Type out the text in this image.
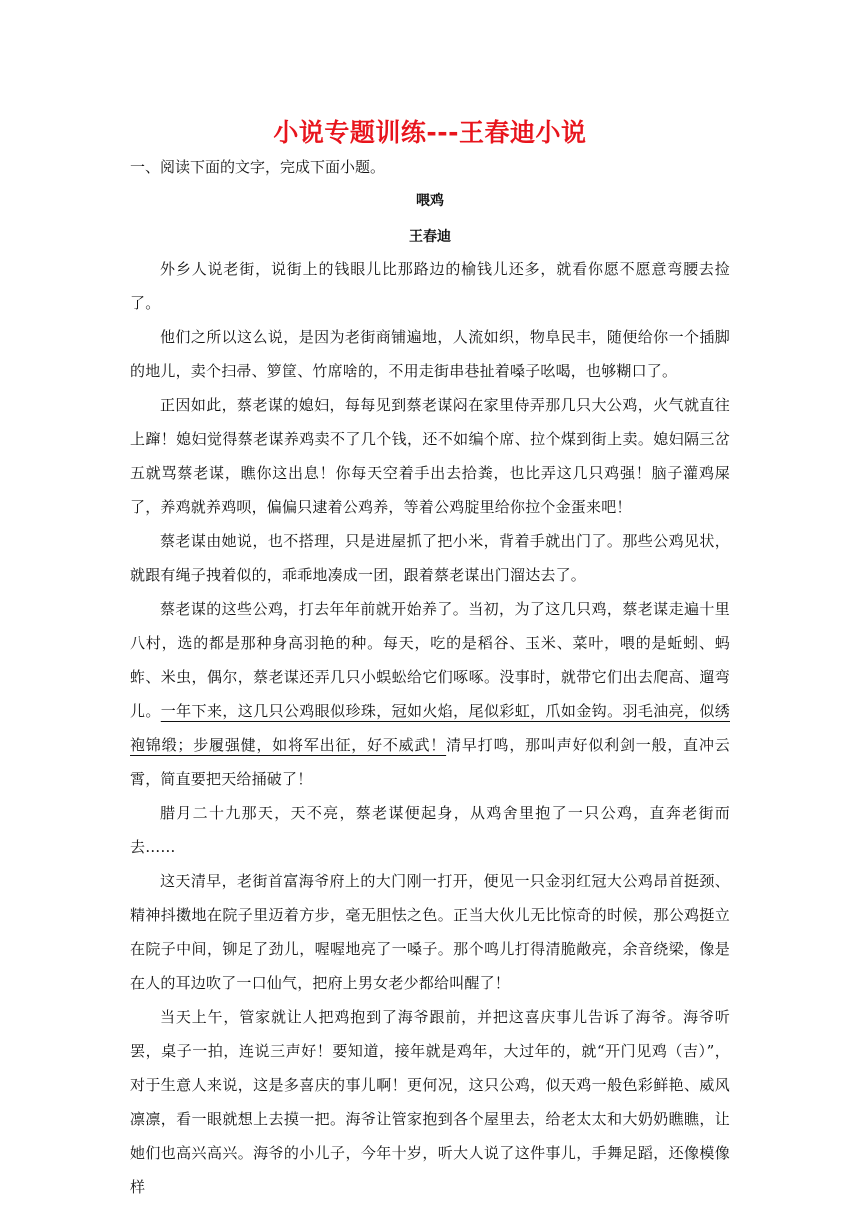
小说专题训练---王春迪小说
一、阅读下面的文字，完成下面小题。
喂鸡
王春迪

外乡人说老街，说街上的钱眼儿比那路边的榆钱儿还多，就看你愿不愿意弯腰去捡了。

他们之所以这么说，是因为老街商铺遍地，人流如织，物阜民丰，随便给你一个插脚的地儿，卖个扫帚、箩筐、竹席啥的，不用走街串巷扯着嗓子吆喝，也够糊口了。

正因如此，蔡老谋的媳妇，每每见到蔡老谋闷在家里侍弄那几只大公鸡，火气就直往上蹿！媳妇觉得蔡老谋养鸡卖不了几个钱，还不如编个席、拉个煤到街上卖。媳妇隔三岔五就骂蔡老谋，瞧你这出息！你每天空着手出去拾粪，也比弄这几只鸡强！脑子灌鸡屎了，养鸡就养鸡呗，偏偏只逮着公鸡养，等着公鸡腚里给你拉个金蛋来吧！

蔡老谋由她说，也不搭理，只是进屋抓了把小米，背着手就出门了。那些公鸡见状，就跟有绳子拽着似的，乖乖地凑成一团，跟着蔡老谋出门溜达去了。

蔡老谋的这些公鸡，打去年年前就开始养了。当初，为了这几只鸡，蔡老谋走遍十里八村，选的都是那种身高羽艳的种。每天，吃的是稻谷、玉米、菜叶，喂的是蚯蚓、蚂蚱、米虫，偶尔，蔡老谋还弄几只小蜈蚣给它们啄啄。没事时，就带它们出去爬高、遛弯儿。一年下来，这几只公鸡眼似珍珠，冠如火焰，尾似彩虹，爪如金钩。羽毛油亮，似绣袍锦缎；步履强健，如将军出征，好不威武！清早打鸣，那叫声好似利剑一般，直冲云霄，简直要把天给捅破了！

腊月二十九那天，天不亮，蔡老谋便起身，从鸡舍里抱了一只公鸡，直奔老街而去……

这天清早，老街首富海爷府上的大门刚一打开，便见一只金羽红冠大公鸡昂首挺颈、精神抖擞地在院子里迈着方步，毫无胆怯之色。正当大伙儿无比惊奇的时候，那公鸡挺立在院子中间，铆足了劲儿，喔喔地亮了一嗓子。那个鸣儿打得清脆敞亮，余音绕梁，像是在人的耳边吹了一口仙气，把府上男女老少都给叫醒了！

当天上午，管家就让人把鸡抱到了海爷跟前，并把这喜庆事儿告诉了海爷。海爷听罢，桌子一拍，连说三声好！要知道，接年就是鸡年，大过年的，就“开门见鸡（吉）”，对于生意人来说，这是多喜庆的事儿啊！更何况，这只公鸡，似天鸡一般色彩鲜艳、威风凛凛，看一眼就想上去摸一把。海爷让管家抱到各个屋里去，给老太太和大奶奶瞧瞧，让她们也高兴高兴。海爷的小儿子，今年十岁，听大人说了这件事儿，手舞足蹈，还像模像样
